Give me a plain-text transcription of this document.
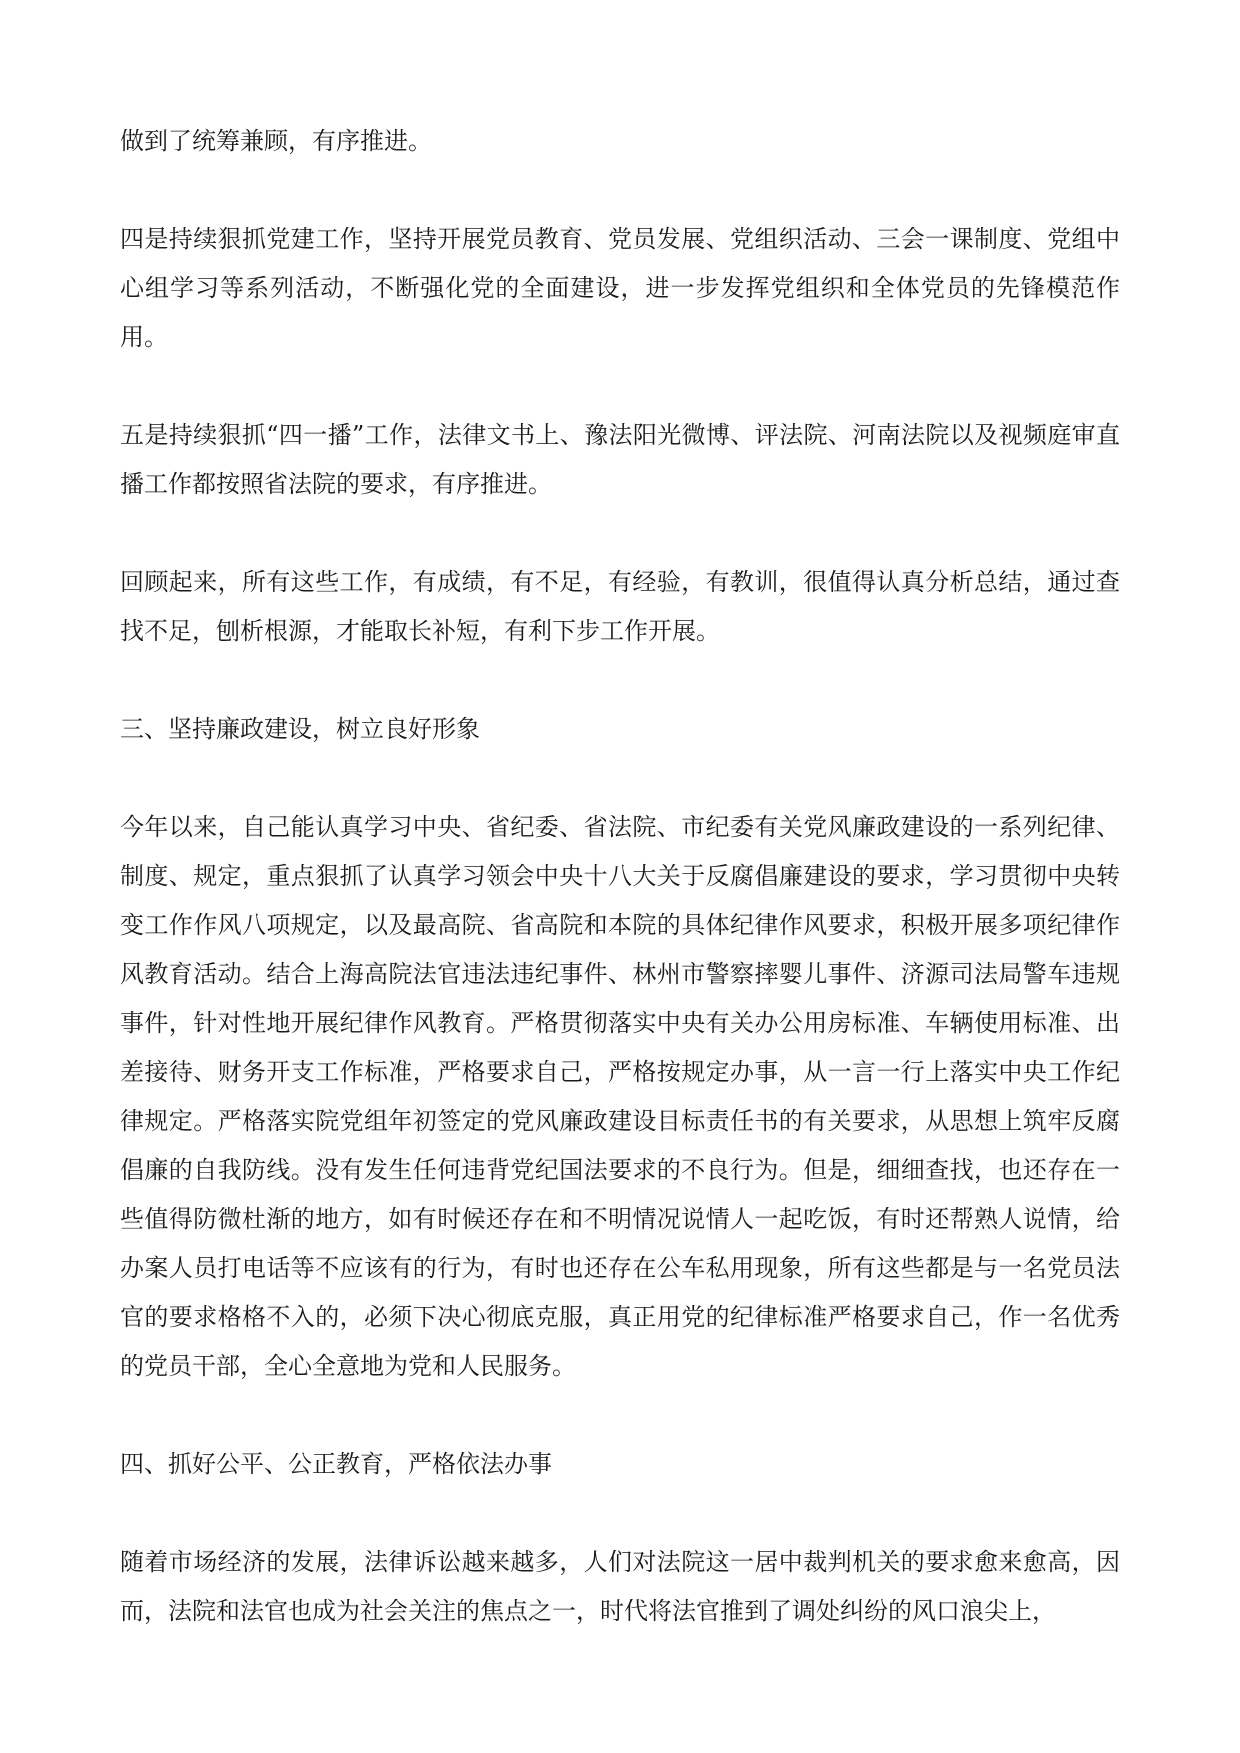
做到了统筹兼顾，有序推进。

四是持续狠抓党建工作，坚持开展党员教育、党员发展、党组织活动、三会一课制度、党组中心组学习等系列活动，不断强化党的全面建设，进一步发挥党组织和全体党员的先锋模范作用。

五是持续狠抓“四一播”工作，法律文书上、豫法阳光微博、评法院、河南法院以及视频庭审直播工作都按照省法院的要求，有序推进。

回顾起来，所有这些工作，有成绩，有不足，有经验，有教训，很值得认真分析总结，通过查找不足，刨析根源，才能取长补短，有利下步工作开展。

三、坚持廉政建设，树立良好形象

今年以来，自己能认真学习中央、省纪委、省法院、市纪委有关党风廉政建设的一系列纪律、制度、规定，重点狠抓了认真学习领会中央十八大关于反腐倡廉建设的要求，学习贯彻中央转变工作作风八项规定，以及最高院、省高院和本院的具体纪律作风要求，积极开展多项纪律作风教育活动。结合上海高院法官违法违纪事件、林州市警察摔婴儿事件、济源司法局警车违规事件，针对性地开展纪律作风教育。严格贯彻落实中央有关办公用房标准、车辆使用标准、出差接待、财务开支工作标准，严格要求自己，严格按规定办事，从一言一行上落实中央工作纪律规定。严格落实院党组年初签定的党风廉政建设目标责任书的有关要求，从思想上筑牢反腐倡廉的自我防线。没有发生任何违背党纪国法要求的不良行为。但是，细细查找，也还存在一些值得防微杜渐的地方，如有时候还存在和不明情况说情人一起吃饭，有时还帮熟人说情，给办案人员打电话等不应该有的行为，有时也还存在公车私用现象，所有这些都是与一名党员法官的要求格格不入的，必须下决心彻底克服，真正用党的纪律标准严格要求自己，作一名优秀的党员干部，全心全意地为党和人民服务。

四、抓好公平、公正教育，严格依法办事

随着市场经济的发展，法律诉讼越来越多，人们对法院这一居中裁判机关的要求愈来愈高，因而，法院和法官也成为社会关注的焦点之一，时代将法官推到了调处纠纷的风口浪尖上，
